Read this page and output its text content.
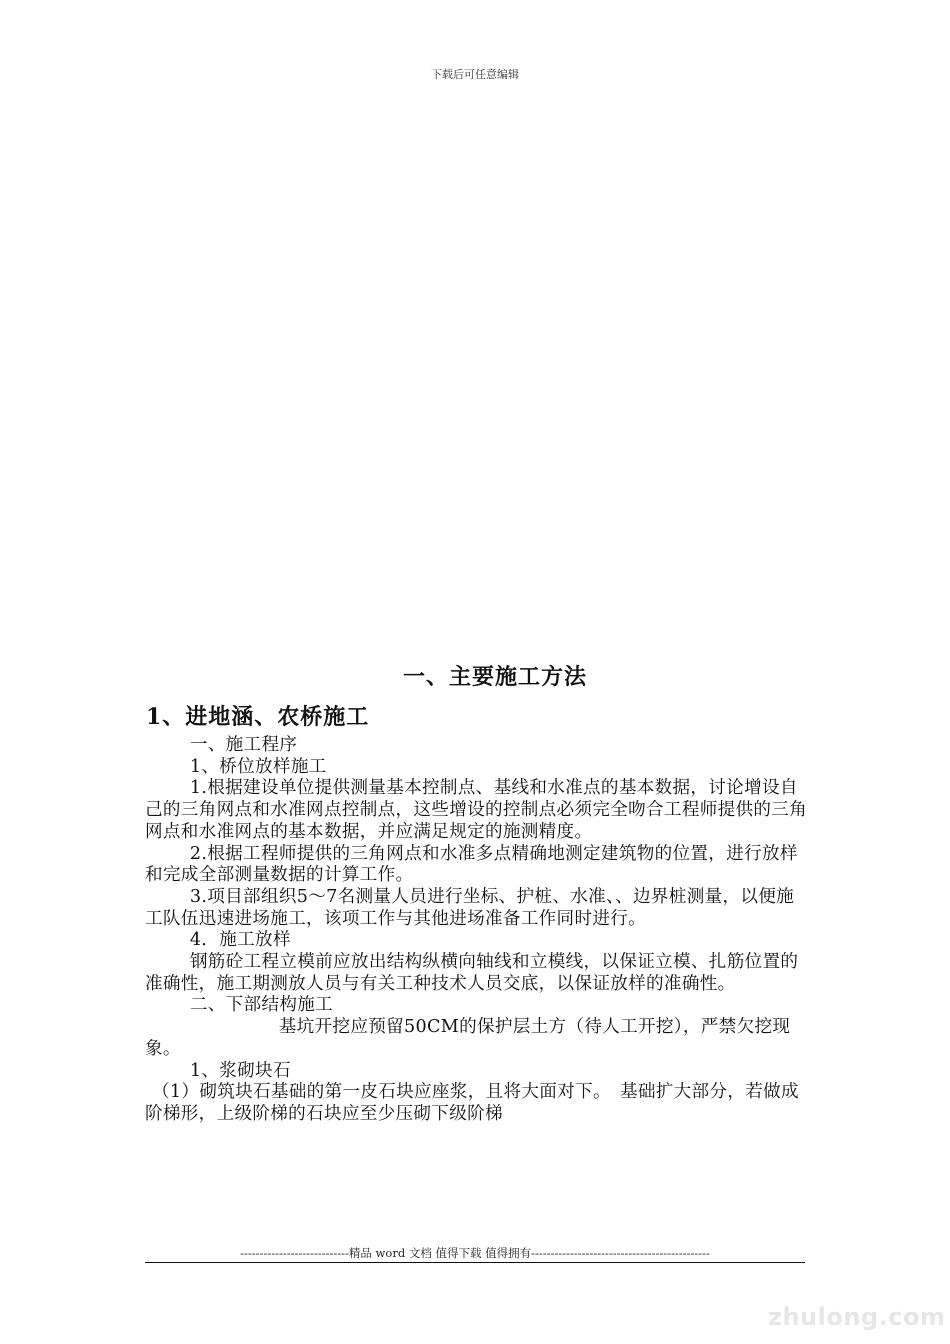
下载后可任意编辑
一、主要施工方法
1、进地涵、农桥施工

一、施工程序

1、桥位放样施工

1.根据建设单位提供测量基本控制点、基线和水准点的基本数据，讨论增设自己的三角网点和水准网点控制点，这些增设的控制点必须完全吻合工程师提供的三角网点和水准网点的基本数据，并应满足规定的施测精度。

2.根据工程师提供的三角网点和水准多点精确地测定建筑物的位置，进行放样和完成全部测量数据的计算工作。

3.项目部组织5～7名测量人员进行坐标、护桩、水准、、边界桩测量，以便施工队伍迅速进场施工，该项工作与其他进场准备工作同时进行。

4．施工放样

钢筋砼工程立模前应放出结构纵横向轴线和立模线，以保证立模、扎筋位置的准确性，施工期测放人员与有关工种技术人员交底，以保证放样的准确性。

二、下部结构施工

基坑开挖应预留50CM的保护层土方（待人工开挖），严禁欠挖现象。

1、浆砌块石

（1）砌筑块石基础的第一皮石块应座浆，且将大面对下。　基础扩大部分，若做成阶梯形，上级阶梯的石块应至少压砌下级阶梯

----------------------------精品 word 文档 值得下载 值得拥有----------------------------------------------
zhulong.com
